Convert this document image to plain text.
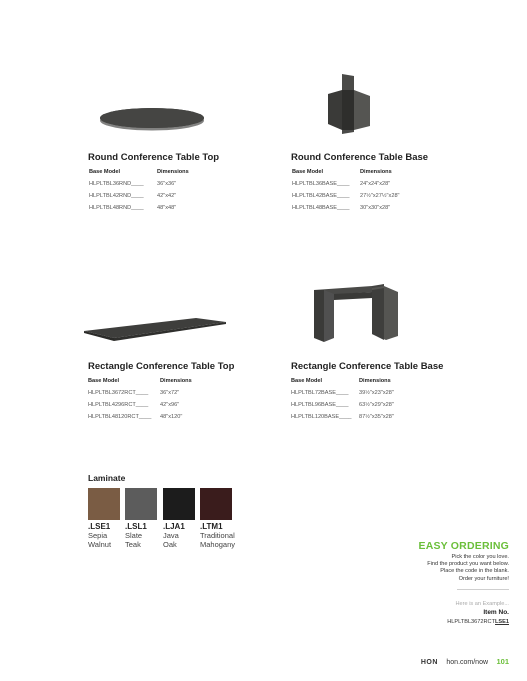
Round Conference Table Top
Base Model	Dimensions
HLPLTBL36RND____	36"x36"
HLPLTBL42RND____	42"x42"
HLPLTBL48RND____	48"x48"
Round Conference Table Base
Base Model	Dimensions
HLPLTBL36BASE____	24"x24"x28"
HLPLTBL42BASE____	27½"x27½"x28"
HLPLTBL48BASE____	30"x30"x28"
Rectangle Conference Table Top
Base Model	Dimensions
HLPLTBL3672RCT____	36"x72"
HLPLTBL4296RCT____	42"x96"
HLPLTBL48120RCT____	48"x120"
Rectangle Conference Table Base
Base Model	Dimensions
HLPLTBL72BASE____	39½"x23"x28"
HLPLTBL96BASE____	63½"x29"x28"
HLPLTBL120BASE____	87½"x35"x28"
Laminate
.LSE1
Sepia
Walnut
.LSL1
Slate
Teak
.LJA1
Java
Oak
.LTM1
Traditional
Mahogany	EASY ORDERING
Pick the color you love.
Find the product you want below.
Place the code in the blank.
Order your furniture!
Here is an Example...
Item No.
HLPLTBL3672RCTLSE1
HON hon.com/now 101
